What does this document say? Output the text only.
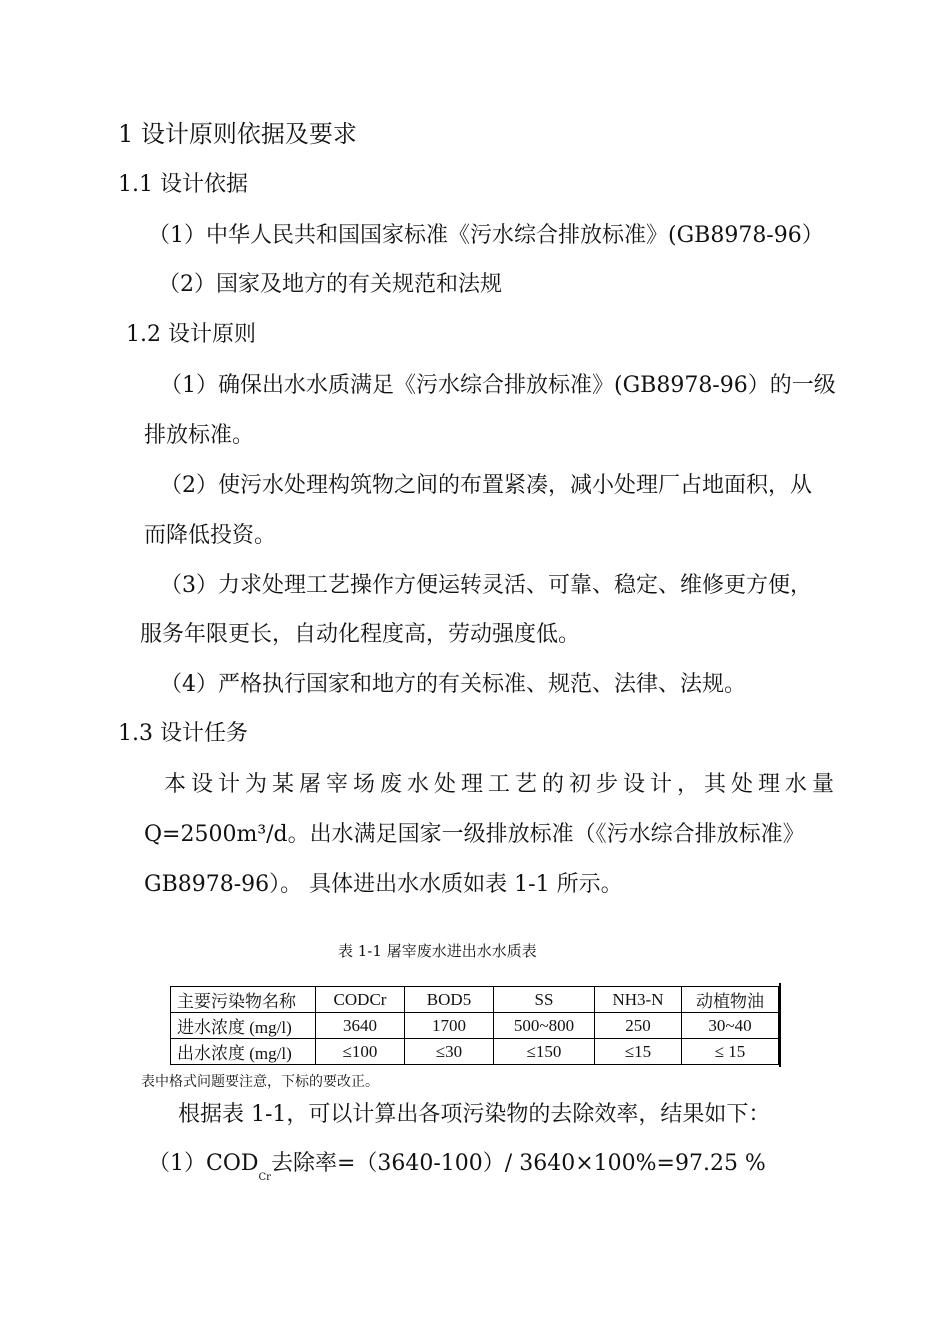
1 设计原则依据及要求
1.1 设计依据
（1）中华人民共和国国家标准《污水综合排放标准》(GB8978-96）
（2）国家及地方的有关规范和法规
1.2 设计原则
（1）确保出水水质满足《污水综合排放标准》(GB8978-96）的一级
排放标准。
（2）使污水处理构筑物之间的布置紧凑，减小处理厂占地面积，从
而降低投资。
（3）力求处理工艺操作方便运转灵活、可靠、稳定、维修更方便，
服务年限更长，自动化程度高，劳动强度低。
（4）严格执行国家和地方的有关标准、规范、法律、法规。
1.3 设计任务
本设计为某屠宰场废水处理工艺的初步设计，其处理水量
Q=2500m³/d。出水满足国家一级排放标准（《污水综合排放标准》
GB8978-96）。 具体进出水水质如表 1-1 所示。
表 1-1 屠宰废水进出水水质表
主要污染物名称	CODCr	BOD5	SS	NH3-N	动植物油
进水浓度 (mg/l)	3640	1700	500~800	250	30~40
出水浓度 (mg/l)	≤100	≤30	≤150	≤15	≤ 15
表中格式问题要注意，下标的要改正。
根据表 1-1，可以计算出各项污染物的去除效率，结果如下：
$(1)COD_{Cr}$去除率=（3640-100）/ 3640×100%=97.25 %
